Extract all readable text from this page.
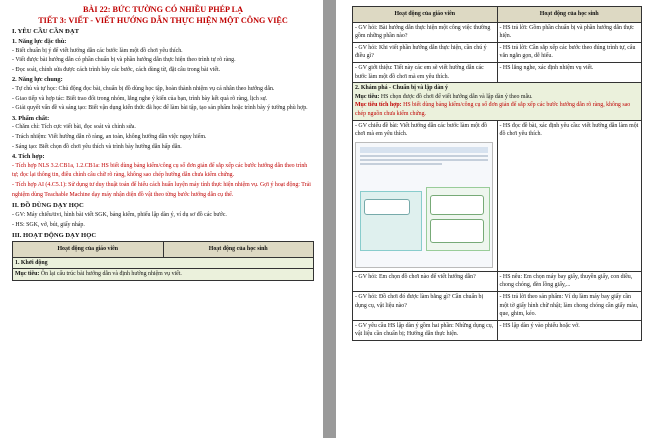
BÀI 22: BỨC TƯỜNG CÓ NHIỀU PHÉP LẠ

TIẾT 3: VIẾT - VIẾT HƯỚNG DẪN THỰC HIỆN MỘT CÔNG VIỆC

I. YÊU CẦU CẦN ĐẠT

1. Năng lực đặc thù:

- Biết chuẩn bị ý để viết hướng dẫn các bước làm một đồ chơi yêu thích.

- Viết được bài hướng dẫn có phần chuẩn bị và phần hướng dẫn thực hiện theo trình tự rõ ràng.

- Đọc soát, chỉnh sửa được cách trình bày các bước, cách dùng từ, đặt câu trong bài viết.

2. Năng lực chung:

- Tự chủ và tự học: Chủ động đọc bài, chuẩn bị đồ dùng học tập, hoàn thành nhiệm vụ cá nhân theo hướng dẫn.

- Giao tiếp và hợp tác: Biết trao đổi trong nhóm, lắng nghe ý kiến của bạn, trình bày kết quả rõ ràng, lịch sự.

- Giải quyết vấn đề và sáng tạo: Biết vận dụng kiến thức đã học để làm bài tập, tạo sản phẩm hoặc trình bày ý tưởng phù hợp.

3. Phẩm chất:

- Chăm chỉ: Tích cực viết bài, đọc soát và chỉnh sửa.

- Trách nhiệm: Viết hướng dẫn rõ ràng, an toàn, không hướng dẫn việc nguy hiểm.

- Sáng tạo: Biết chọn đồ chơi yêu thích và trình bày hướng dẫn hấp dẫn.

4. Tích hợp:

- Tích hợp NLS 3.2.CB1a, 1.2.CB1a: HS biết dùng bảng kiểm/công cụ số đơn giản để sắp xếp các bước hướng dẫn theo trình tự; đọc lại thông tin, điều chỉnh câu chữ rõ ràng, không sao chép hướng dẫn chưa kiểm chứng.

- Tích hợp AI (4.C5.1): Sử dụng tư duy thuật toán để hiểu cách huấn luyện máy tính thực hiện nhiệm vụ. Gợi ý hoạt động: Trải nghiệm dùng Teachable Machine dạy máy nhận diện đồ vật theo từng bước hướng dẫn cụ thể.

II. ĐỒ DÙNG DẠY HỌC

- GV: Máy chiếu/tivi, hình bài viết SGK, bảng kiểm, phiếu lập dàn ý, ví dụ sơ đồ các bước.

- HS: SGK, vở, bút, giấy nháp.

III. HOẠT ĐỘNG DẠY HỌC

Hoạt động của giáo viên	Hoạt động của học sinh
1. Khởi động
Mục tiêu: Ôn lại cấu trúc bài hướng dẫn và định hướng nhiệm vụ viết.
Hoạt động của giáo viên	Hoạt động của học sinh
- GV hỏi: Bài hướng dẫn thực hiện một công việc thường gồm những phần nào?	- HS trả lời: Gồm phần chuẩn bị và phần hướng dẫn thực hiện.
- GV hỏi: Khi viết phần hướng dẫn thực hiện, cần chú ý điều gì?	- HS trả lời: Cần sắp xếp các bước theo đúng trình tự, câu văn ngắn gọn, dễ hiểu.
- GV giới thiệu: Tiết này các em sẽ viết hướng dẫn các bước làm một đồ chơi mà em yêu thích.	- HS lắng nghe, xác định nhiệm vụ viết.

2. Khám phá - Chuẩn bị và lập dàn ý

Mục tiêu: HS chọn được đồ chơi để viết hướng dẫn và lập dàn ý theo mẫu.

Mục tiêu tích hợp: HS biết dùng bảng kiểm/công cụ số đơn giản để sắp xếp các bước hướng dẫn rõ ràng, không sao chép nguồn chưa kiểm chứng.	

- GV chiếu đề bài: Viết hướng dẫn các bước làm một đồ chơi mà em yêu thích.	- HS đọc đề bài, xác định yêu cầu: viết hướng dẫn làm một đồ chơi yêu thích.
- GV hỏi: Em chọn đồ chơi nào để viết hướng dẫn?	- HS nêu: Em chọn máy bay giấy, thuyền giấy, con diều, chong chóng, đèn lồng giấy,...
- GV hỏi: Đồ chơi đó được làm bằng gì? Cần chuẩn bị dụng cụ, vật liệu nào?	- HS trả lời theo sản phẩm: Ví dụ làm máy bay giấy cần một tờ giấy hình chữ nhật; làm chong chóng cần giấy màu, que, ghim, kéo.
- GV yêu cầu HS lập dàn ý gồm hai phần: Những dụng cụ, vật liệu cần chuẩn bị; Hướng dẫn thực hiện.	- HS lập dàn ý vào phiếu hoặc vở.
